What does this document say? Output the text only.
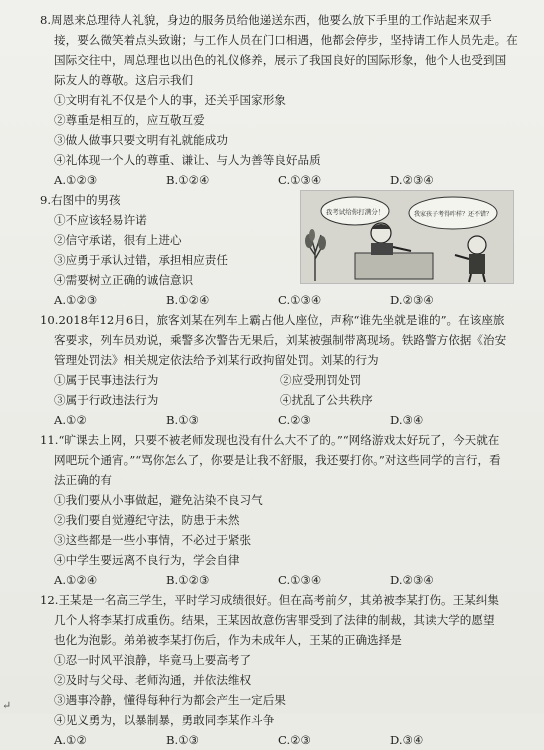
8.周恩来总理待人礼貌，身边的服务员给他递送东西，他要么放下手里的工作站起来双手

接，要么微笑着点头致谢；与工作人员在门口相遇，他都会停步，坚持请工作人员先走。在

国际交往中，周总理也以出色的礼仪修养，展示了我国良好的国际形象，他个人也受到国

际友人的尊敬。这启示我们

①文明有礼不仅是个人的事，还关乎国家形象

②尊重是相互的，应互敬互爱

③做人做事只要文明有礼就能成功

④礼体现一个人的尊重、谦让、与人为善等良好品质

A.①②③	B.①②④	C.①③④	D.②③④

9.右图中的男孩

①不应该轻易许诺

②信守承诺，很有上进心

③应勇于承认过错，承担相应责任

④需要树立正确的诚信意识

A.①②③	B.①②④	C.①③④	D.②③④
我考试给你打满分！	我家孩子考得咋样？还不错？

10.2018年12月6日，旅客刘某在列车上霸占他人座位，声称“谁先坐就是谁的”。在该座旅

客要求，列车员劝说，乘警多次警告无果后，刘某被强制带离现场。铁路警方依据《治安

管理处罚法》相关规定依法给予刘某行政拘留处罚。刘某的行为

①属于民事违法行为	②应受刑罚处罚
③属于行政违法行为	④扰乱了公共秩序
A.①②	B.①③	C.②③	D.③④

11.“旷课去上网，只要不被老师发现也没有什么大不了的。”“网络游戏太好玩了，今天就在

网吧玩个通宵。”“骂你怎么了，你要是让我不舒服，我还要打你。”对这些同学的言行，看

法正确的有

①我们要从小事做起，避免沾染不良习气

②我们要自觉遵纪守法，防患于未然

③这些都是一些小事情，不必过于紧张

④中学生要远离不良行为，学会自律

A.①②④	B.①②③	C.①③④	D.②③④

12.王某是一名高三学生，平时学习成绩很好。但在高考前夕，其弟被李某打伤。王某纠集

几个人将李某打成重伤。结果，王某因故意伤害罪受到了法律的制裁，其读大学的愿望

也化为泡影。弟弟被李某打伤后，作为未成年人，王某的正确选择是

①忍一时风平浪静，毕竟马上要高考了

②及时与父母、老师沟通，并依法维权

③遇事冷静，懂得每种行为都会产生一定后果

④见义勇为，以暴制暴，勇敢同李某作斗争

A.①②	B.①③	C.②③	D.③④
↵
